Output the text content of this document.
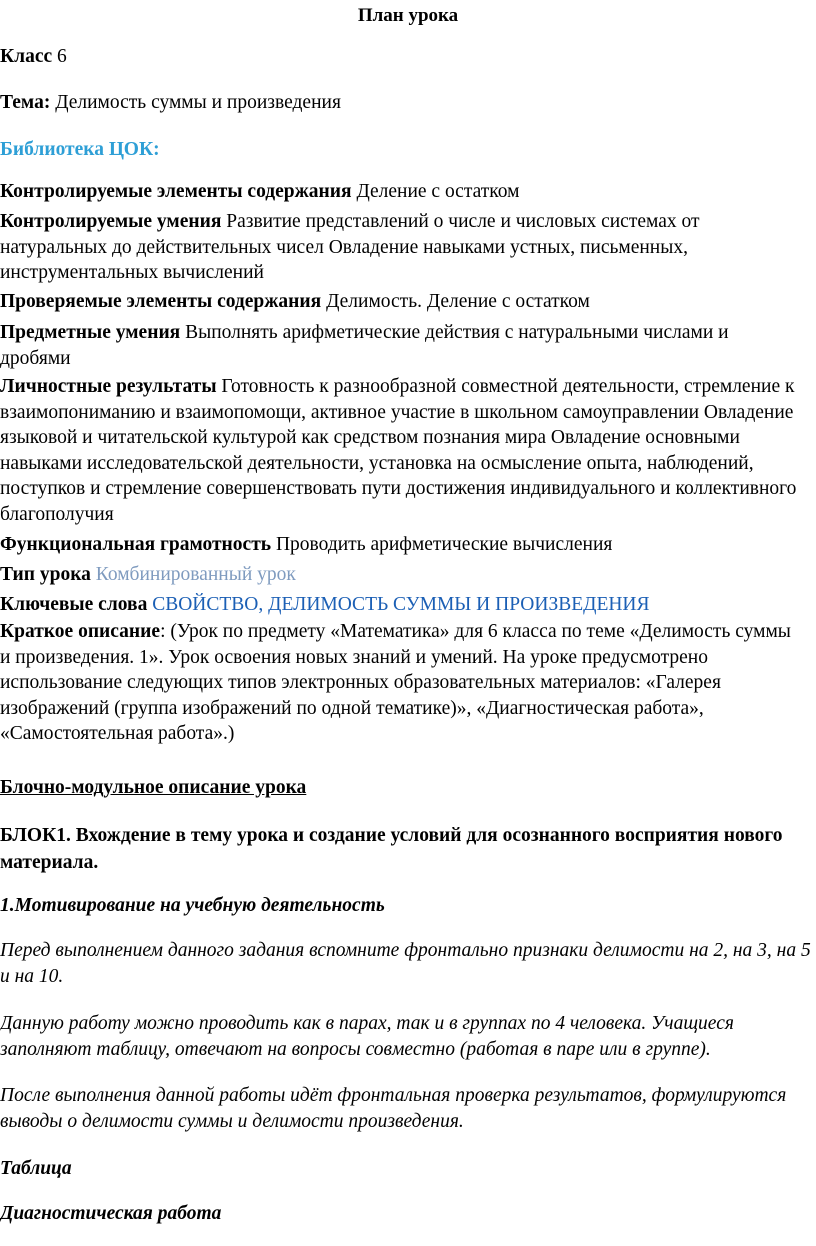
План урока

Класс 6

Тема: Делимость суммы и произведения

Библиотека ЦОК:

Контролируемые элементы содержания Деление с остатком

Контролируемые умения Развитие представлений о числе и числовых системах от натуральных до действительных чисел Овладение навыками устных, письменных, инструментальных вычислений

Проверяемые элементы содержания Делимость. Деление с остатком

Предметные умения Выполнять арифметические действия с натуральными числами и дробями

Личностные результаты Готовность к разнообразной совместной деятельности, стремление к взаимопониманию и взаимопомощи, активное участие в школьном самоуправлении Овладение языковой и читательской культурой как средством познания мира Овладение основными навыками исследовательской деятельности, установка на осмысление опыта, наблюдений, поступков и стремление совершенствовать пути достижения индивидуального и коллективного благополучия

Функциональная грамотность Проводить арифметические вычисления

Тип урока Комбинированный урок

Ключевые слова СВОЙСТВО, ДЕЛИМОСТЬ СУММЫ И ПРОИЗВЕДЕНИЯ

Краткое описание: (Урок по предмету «Математика» для 6 класса по теме «Делимость суммы и произведения. 1». Урок освоения новых знаний и умений. На уроке предусмотрено использование следующих типов электронных образовательных материалов: «Галерея изображений (группа изображений по одной тематике)», «Диагностическая работа», «Самостоятельная работа».)

Блочно-модульное описание урока

БЛОК1. Вхождение в тему урока и создание условий для осознанного восприятия нового материала.

1.Мотивирование на учебную деятельность

Перед выполнением данного задания вспомните фронтально признаки делимости на 2, на 3, на 5 и на 10.

Данную работу можно проводить как в парах, так и в группах по 4 человека. Учащиеся заполняют таблицу, отвечают на вопросы совместно (работая в паре или в группе).

После выполнения данной работы идёт фронтальная проверка результатов, формулируются выводы о делимости суммы и делимости произведения.

Таблица

Диагностическая работа
